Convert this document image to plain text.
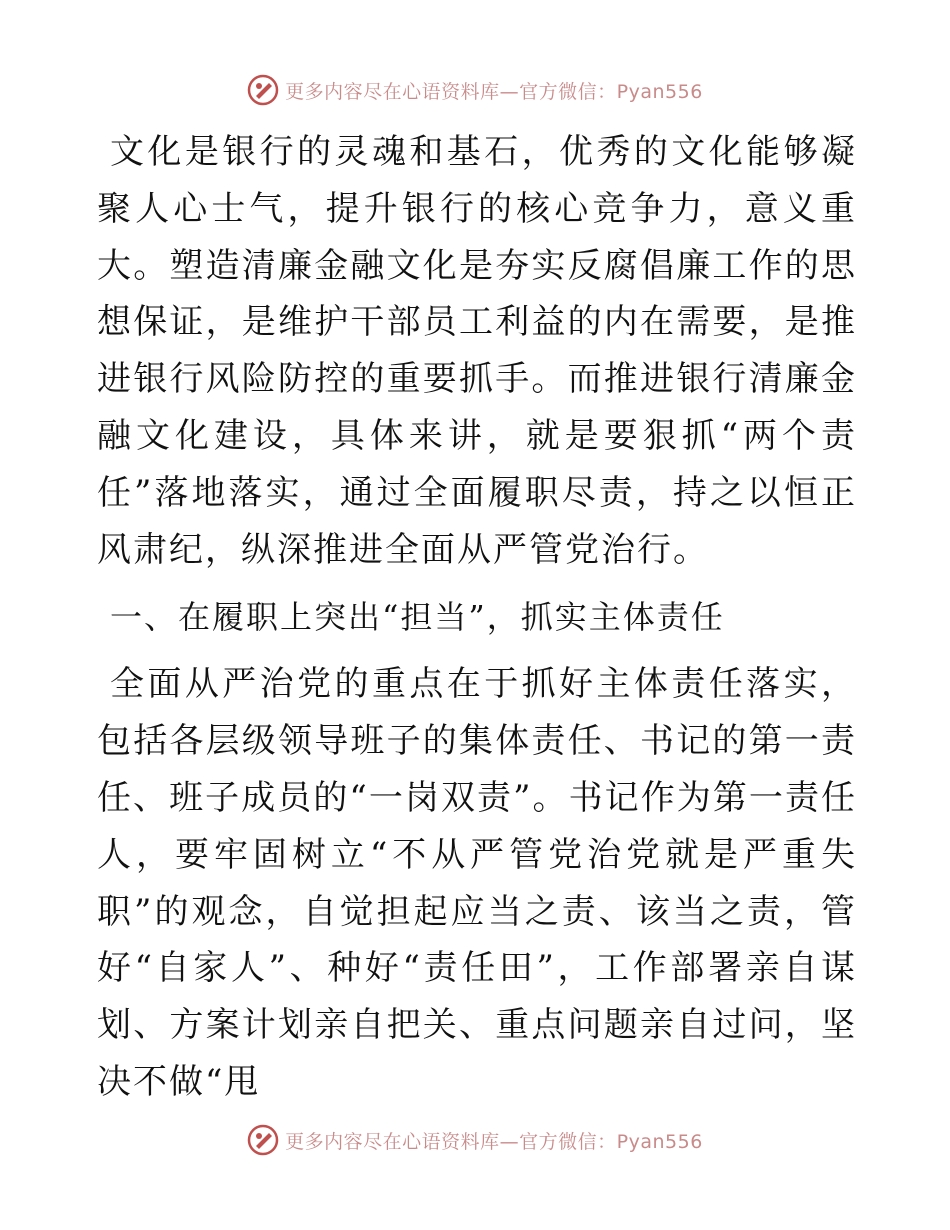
更多内容尽在心语资料库—官方微信：Pyan556

文化是银行的灵魂和基石，优秀的文化能够凝聚人心士气，提升银行的核心竞争力，意义重大。塑造清廉金融文化是夯实反腐倡廉工作的思想保证，是维护干部员工利益的内在需要，是推进银行风险防控的重要抓手。而推进银行清廉金融文化建设，具体来讲，就是要狠抓“两个责任”落地落实，通过全面履职尽责，持之以恒正风肃纪，纵深推进全面从严管党治行。

一、在履职上突出“担当”，抓实主体责任

全面从严治党的重点在于抓好主体责任落实，包括各层级领导班子的集体责任、书记的第一责任、班子成员的“一岗双责”。书记作为第一责任人，要牢固树立“不从严管党治党就是严重失职”的观念，自觉担起应当之责、该当之责，管好“自家人”、种好“责任田”，工作部署亲自谋划、方案计划亲自把关、重点问题亲自过问，坚决不做“甩

更多内容尽在心语资料库—官方微信：Pyan556
